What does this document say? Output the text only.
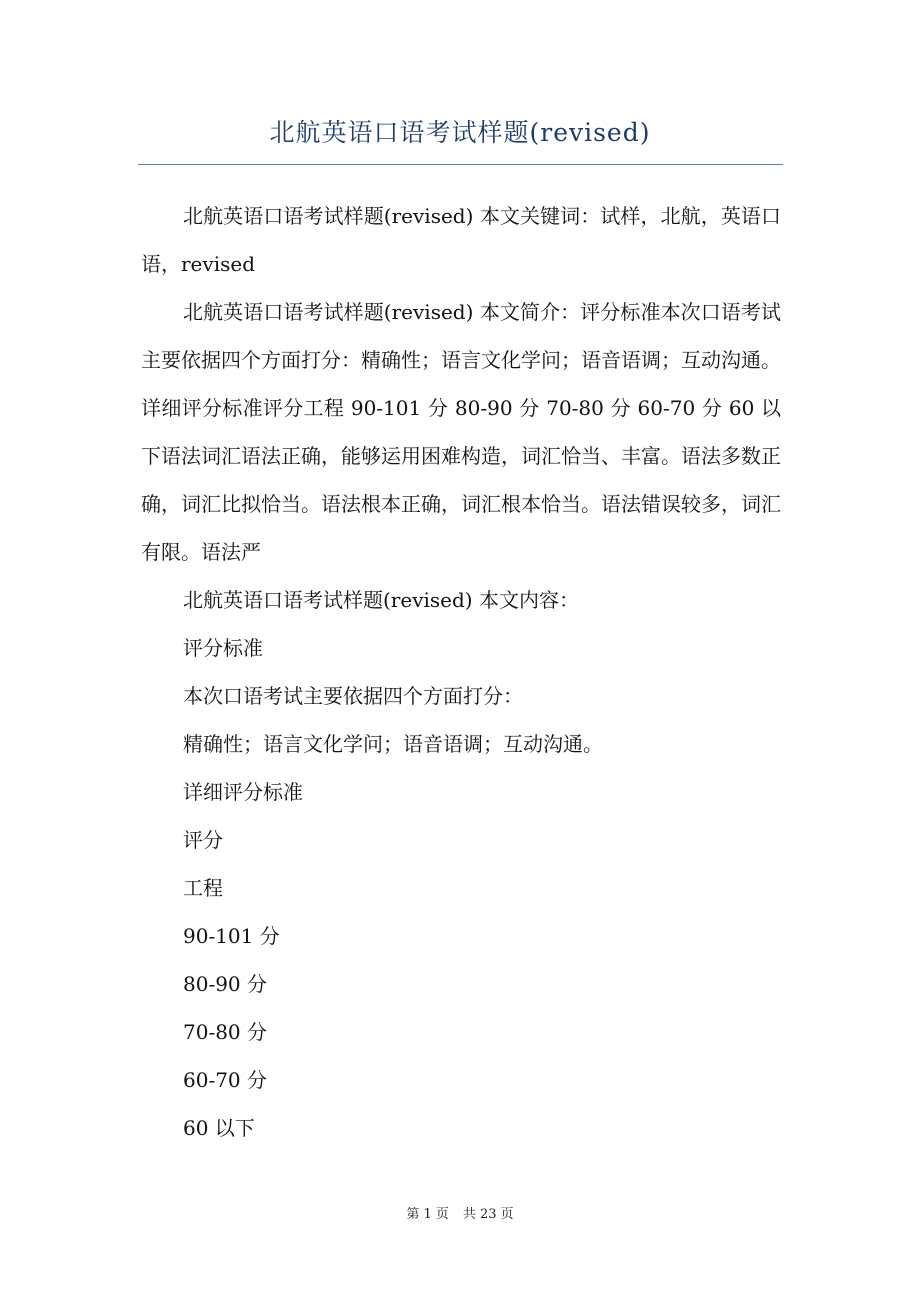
北航英语口语考试样题(revised)

北航英语口语考试样题(revised) 本文关键词：试样，北航，英语口语，revised

北航英语口语考试样题(revised) 本文简介：评分标准本次口语考试主要依据四个方面打分：精确性；语言文化学问；语音语调；互动沟通。详细评分标准评分工程 90-101 分 80-90 分 70-80 分 60-70 分 60 以下语法词汇语法正确，能够运用困难构造，词汇恰当、丰富。语法多数正确，词汇比拟恰当。语法根本正确，词汇根本恰当。语法错误较多，词汇有限。语法严

北航英语口语考试样题(revised) 本文内容：

评分标准

本次口语考试主要依据四个方面打分：

精确性；语言文化学问；语音语调；互动沟通。

详细评分标准

评分

工程

90-101 分

80-90 分

70-80 分

60-70 分

60 以下

第 1 页 共 23 页
